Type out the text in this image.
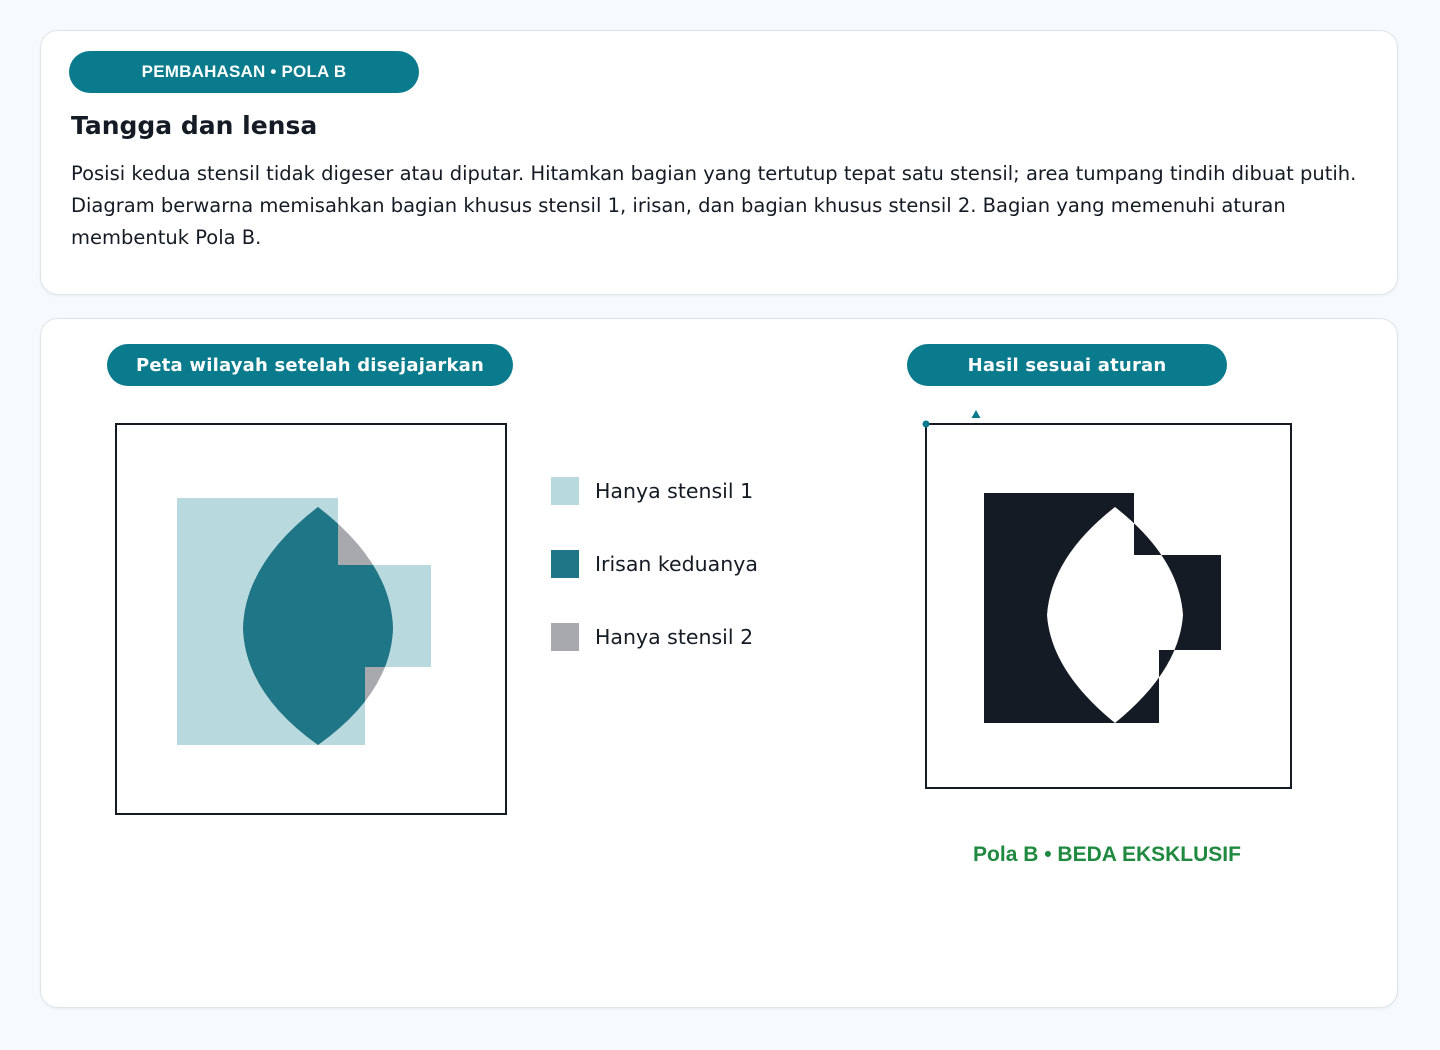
PEMBAHASAN • POLA B
Tangga dan lensa

Posisi kedua stensil tidak digeser atau diputar. Hitamkan bagian yang tertutup tepat satu stensil; area tumpang tindih dibuat putih. Diagram berwarna memisahkan bagian khusus stensil 1, irisan, dan bagian khusus stensil 2. Bagian yang memenuhi aturan membentuk Pola B.

Peta wilayah setelah disejajarkan	Hasil sesuai aturan
Hanya stensil 1
Irisan keduanya
Hanya stensil 2
Pola B • BEDA EKSKLUSIF
